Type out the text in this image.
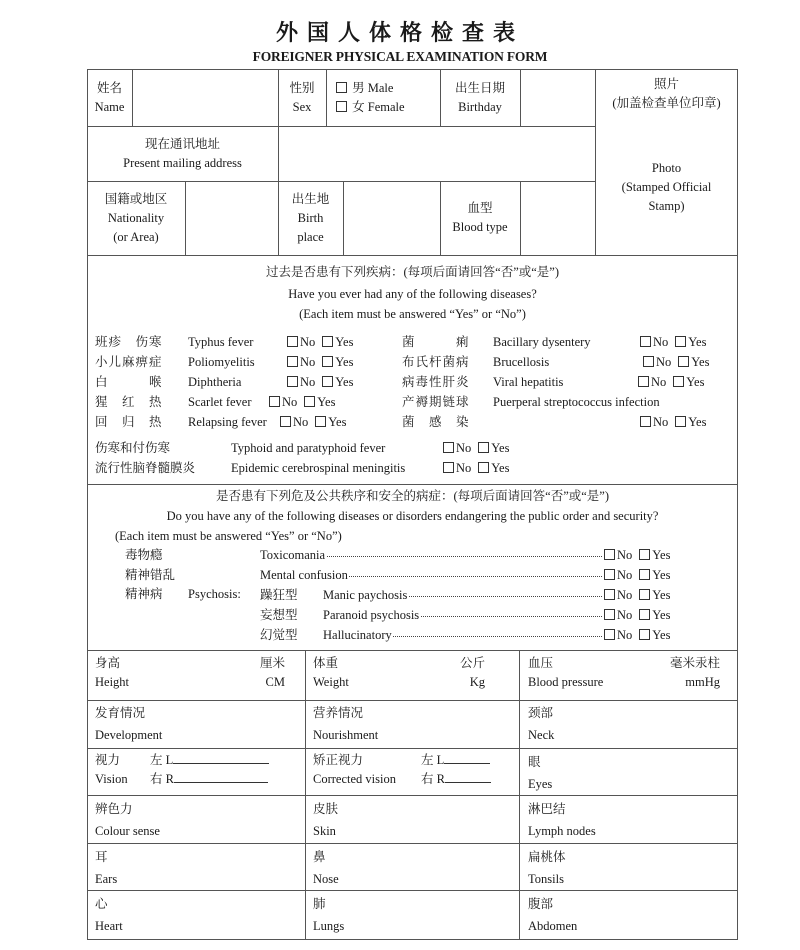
外国人体格检查表
FOREIGNER PHYSICAL EXAMINATION FORM
姓名
Name
性别
Sex
男 Male
女 Female
出生日期
Birthday
照片
(加盖检查单位印章)
Photo
(Stamped Official
Stamp)
现在通讯地址
Present mailing address
国籍或地区
Nationality
(or Area)
出生地
Birth
place
血型
Blood type
过去是否患有下列疾病：(每项后面请回答“否”或“是”)
Have you ever had any of the following diseases?
(Each item must be answered “Yes” or “No”)
班疹　伤寒 Typhus fever	No Yes
小儿麻痹症 Poliomyelitis	No Yes
白　　　喉 Diphtheria	No Yes
猩　红　热 Scarlet fever	No Yes
回　归　热 Relapsing fever	No Yes
菌　　　痢 Bacillary dysentery	No Yes
布氏杆菌病 Brucellosis	No Yes
病毒性肝炎 Viral hepatitis	No Yes
产褥期链球 Puerperal streptococcus infection
菌　感　染	No Yes
伤寒和付伤寒	Typhoid and paratyphoid fever	No Yes
流行性脑脊髓膜炎	Epidemic cerebrospinal meningitis	No Yes
是否患有下列危及公共秩序和安全的病症：(每项后面请回答“否”或“是”)
Do you have any of the following diseases or disorders endangering the public order and security?
(Each item must be answered “Yes” or “No”)
精神病 Psychosis:
毒物瘾	Toxicomania	No Yes
精神错乱	Mental confusion	No Yes
躁狂型 Manic paychosis	No Yes
妄想型 Paranoid psychosis	No Yes
幻觉型 Hallucinatory	No Yes
身高	厘米
Height	CM
体重	公斤
Weight	Kg
血压	毫米汞柱
Blood pressure	mmHg
视力 左 L
Vision 右 R
矫正视力	左 L
Corrected vision 右 R
发育情况
Development
营养情况
Nourishment
颈部
Neck
眼
Eyes
辨色力
Colour sense
皮肤
Skin
淋巴结
Lymph nodes
耳
Ears
鼻
Nose
扁桃体
Tonsils
心
Heart
肺
Lungs
腹部
Abdomen
